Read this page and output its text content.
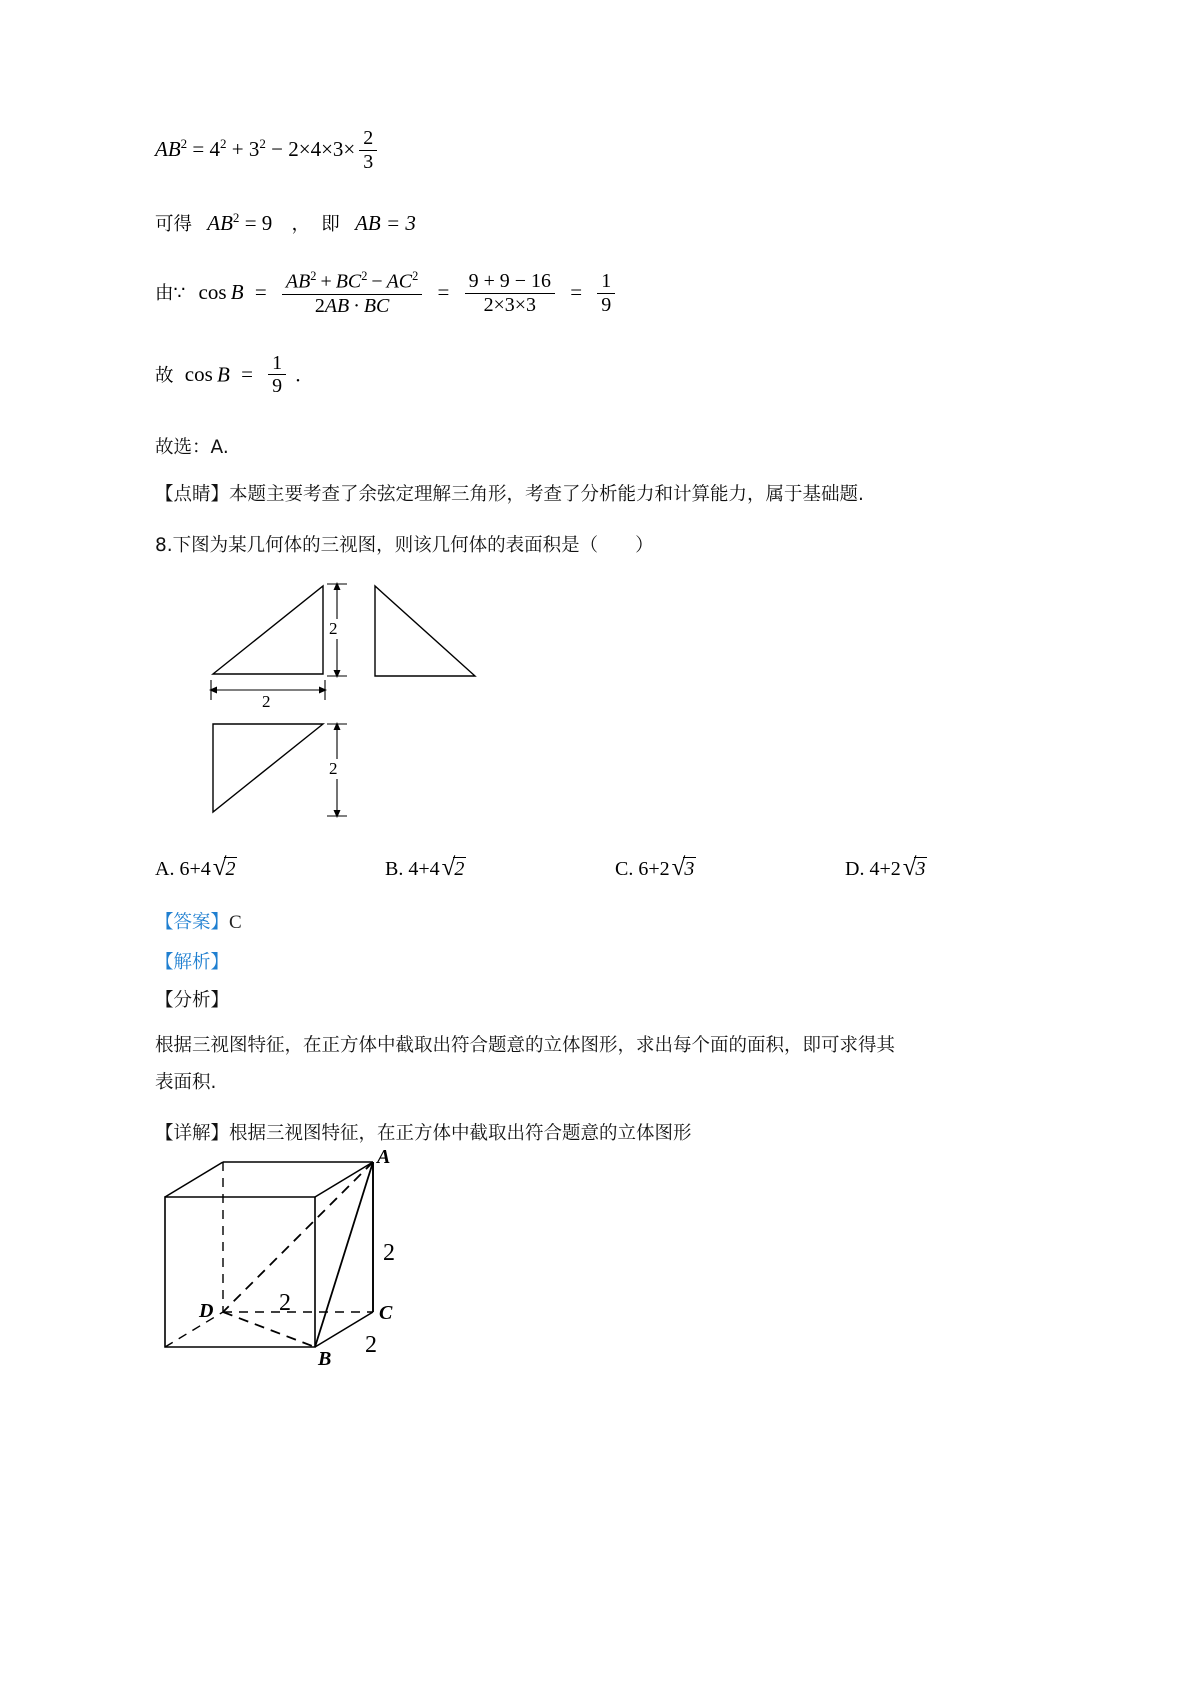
$AB^2 = 4^2 + 3^2 - 2\times 4\times 3\times \frac{2}{3}$
可得 $AB^2 = 9$ ， 即 AB = 3
由∵ $\cos B = \frac{AB^2 + BC^2 - AC^2}{2AB \cdot BC} = \frac{9 + 9 - 16}{2\times 3\times 3} = \frac{1}{9}$
故 $\cos B = \frac{1}{9}$ .
故选：A.
【点睛】本题主要考查了余弦定理解三角形，考查了分析能力和计算能力，属于基础题.
8.下图为某几何体的三视图，则该几何体的表面积是（　　）
2
2
2
A. 6+4√2	B. 4+4√2	C. 6+2√3	D. 4+2√3
【答案】C
【解析】
【分析】
根据三视图特征，在正方体中截取出符合题意的立体图形，求出每个面的面积，即可求得其
表面积.
【详解】根据三视图特征，在正方体中截取出符合题意的立体图形
A
B
C
D
2
2
2
